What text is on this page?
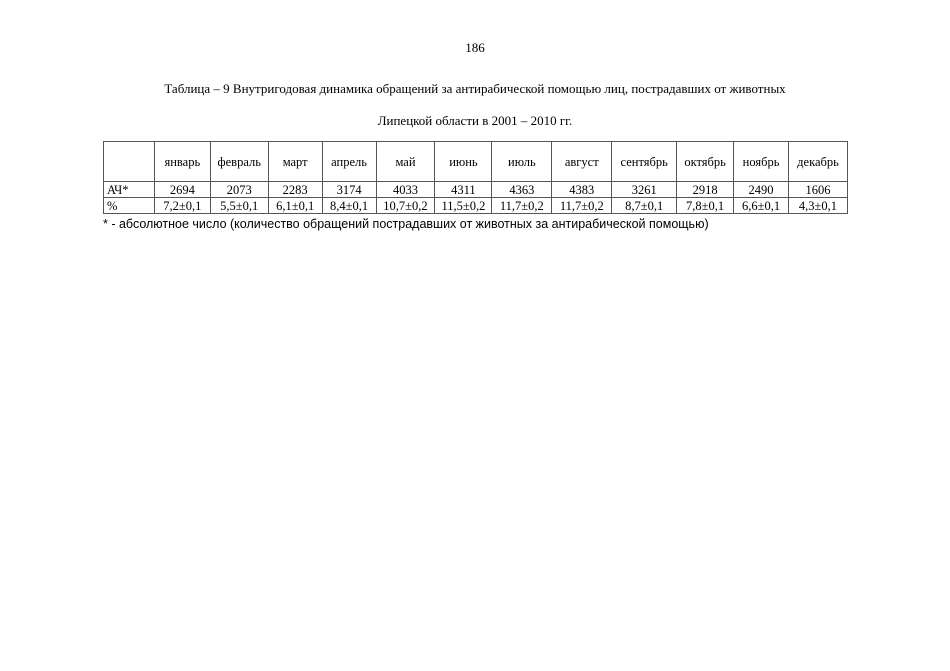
186
Таблица – 9 Внутригодовая динамика обращений за антирабической помощью лиц, пострадавших от животных
Липецкой области в 2001 – 2010 гг.
	январь	февраль	март	апрель	май	июнь	июль	август	сентябрь	октябрь	ноябрь	декабрь
АЧ*	2694	2073	2283	3174	4033	4311	4363	4383	3261	2918	2490	1606
%	7,2±0,1	5,5±0,1	6,1±0,1	8,4±0,1	10,7±0,2	11,5±0,2	11,7±0,2	11,7±0,2	8,7±0,1	7,8±0,1	6,6±0,1	4,3±0,1
* - абсолютное число (количество обращений пострадавших от животных за антирабической помощью)
